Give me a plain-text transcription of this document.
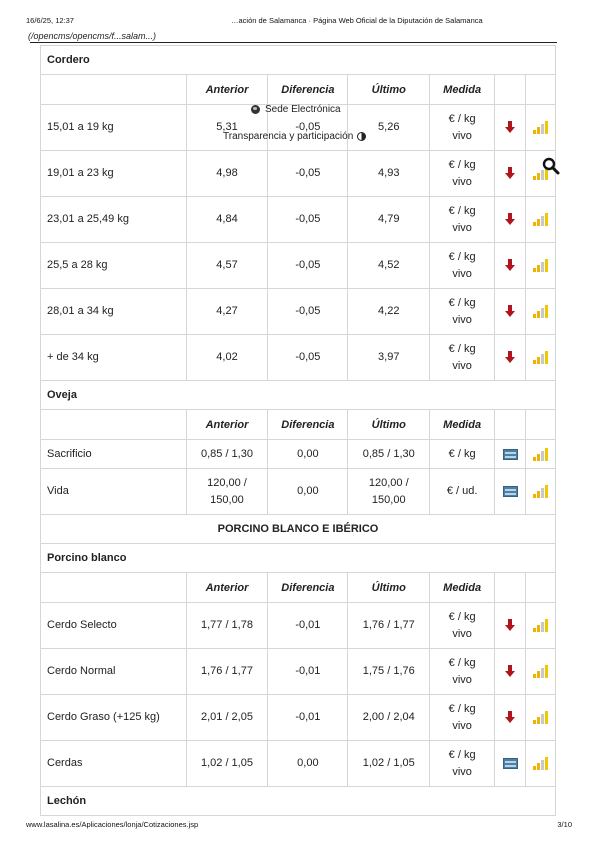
16/6/25, 12:37	…ación de Salamanca · Página Web Oficial de la Diputación de Salamanca
(/opencms/opencms/f...salam...)
Cordero						
	Anterior	Diferencia	Último	Medida		
15,01 a 19 kg	5,31	-0,05	5,26	€ / kg
vivo	

19,01 a 23 kg	4,98	-0,05	4,93	€ / kg
vivo	

23,01 a 25,49 kg	4,84	-0,05	4,79	€ / kg
vivo	

25,5 a 28 kg	4,57	-0,05	4,52	€ / kg
vivo	

28,01 a 34 kg	4,27	-0,05	4,22	€ / kg
vivo	

+ de 34 kg	4,02	-0,05	3,97	€ / kg
vivo	

Oveja						
	Anterior	Diferencia	Último	Medida		
Sacrificio	0,85 / 1,30	0,00	0,85 / 1,30	€ / kg		

Vida	120,00 /
150,00	0,00	120,00 /
150,00	€ / ud.		

PORCINO BLANCO E IBÉRICO						
Porcino blanco						
	Anterior	Diferencia	Último	Medida		
Cerdo Selecto	1,77 / 1,78	-0,01	1,76 / 1,77	€ / kg
vivo	

Cerdo Normal	1,76 / 1,77	-0,01	1,75 / 1,76	€ / kg
vivo	

Cerdo Graso (+125 kg)	2,01 / 2,05	-0,01	2,00 / 2,04	€ / kg
vivo	

Cerdas	1,02 / 1,05	0,00	1,02 / 1,05	€ / kg
vivo		

Lechón						
Sede Electrónica
Transparencia y participación
www.lasalina.es/Aplicaciones/lonja/Cotizaciones.jsp	3/10
